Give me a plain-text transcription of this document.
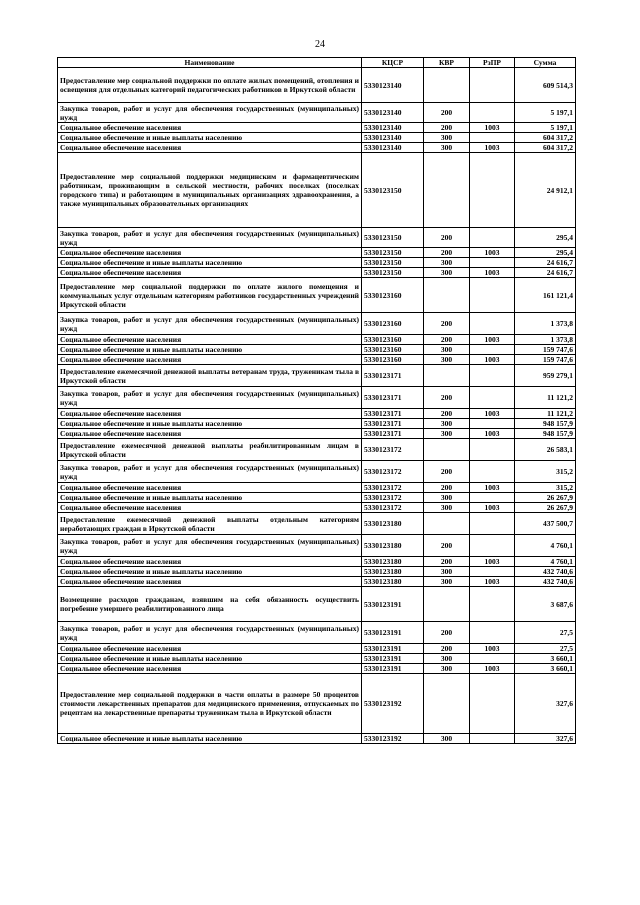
24
Наименование	КЦСР	КВР	РзПР	Сумма
Предоставление мер социальной поддержки по оплате жилых помещений, отопления и освещения для отдельных категорий педагогических работников в Иркутской области	5330123140			609 514,3
Закупка товаров, работ и услуг для обеспечения государственных (муниципальных) нужд	5330123140	200		5 197,1
Социальное обеспечение населения	5330123140	200	1003	5 197,1
Социальное обеспечение и иные выплаты населению	5330123140	300		604 317,2
Социальное обеспечение населения	5330123140	300	1003	604 317,2
Предоставление мер социальной поддержки медицинским и фармацевтическим работникам, проживающим в сельской местности, рабочих поселках (поселках городского типа) и работающим в муниципальных организациях здравоохранения, а также муниципальных образовательных организациях	5330123150			24 912,1
Закупка товаров, работ и услуг для обеспечения государственных (муниципальных) нужд	5330123150	200		295,4
Социальное обеспечение населения	5330123150	200	1003	295,4
Социальное обеспечение и иные выплаты населению	5330123150	300		24 616,7
Социальное обеспечение населения	5330123150	300	1003	24 616,7
Предоставление мер социальной поддержки по оплате жилого помещения и коммунальных услуг отдельным категориям работников государственных учреждений Иркутской области	5330123160			161 121,4
Закупка товаров, работ и услуг для обеспечения государственных (муниципальных) нужд	5330123160	200		1 373,8
Социальное обеспечение населения	5330123160	200	1003	1 373,8
Социальное обеспечение и иные выплаты населению	5330123160	300		159 747,6
Социальное обеспечение населения	5330123160	300	1003	159 747,6
Предоставление ежемесячной денежной выплаты ветеранам труда, труженикам тыла в Иркутской области	5330123171			959 279,1
Закупка товаров, работ и услуг для обеспечения государственных (муниципальных) нужд	5330123171	200		11 121,2
Социальное обеспечение населения	5330123171	200	1003	11 121,2
Социальное обеспечение и иные выплаты населению	5330123171	300		948 157,9
Социальное обеспечение населения	5330123171	300	1003	948 157,9
Предоставление ежемесячной денежной выплаты реабилитированным лицам в Иркутской области	5330123172			26 583,1
Закупка товаров, работ и услуг для обеспечения государственных (муниципальных) нужд	5330123172	200		315,2
Социальное обеспечение населения	5330123172	200	1003	315,2
Социальное обеспечение и иные выплаты населению	5330123172	300		26 267,9
Социальное обеспечение населения	5330123172	300	1003	26 267,9
Предоставление ежемесячной денежной выплаты отдельным категориям неработающих граждан в Иркутской области	5330123180			437 500,7
Закупка товаров, работ и услуг для обеспечения государственных (муниципальных) нужд	5330123180	200		4 760,1
Социальное обеспечение населения	5330123180	200	1003	4 760,1
Социальное обеспечение и иные выплаты населению	5330123180	300		432 740,6
Социальное обеспечение населения	5330123180	300	1003	432 740,6
Возмещение расходов гражданам, взявшим на себя обязанность осуществить погребение умершего реабилитированного лица	5330123191			3 687,6
Закупка товаров, работ и услуг для обеспечения государственных (муниципальных) нужд	5330123191	200		27,5
Социальное обеспечение населения	5330123191	200	1003	27,5
Социальное обеспечение и иные выплаты населению	5330123191	300		3 660,1
Социальное обеспечение населения	5330123191	300	1003	3 660,1
Предоставление мер социальной поддержки в части оплаты в размере 50 процентов стоимости лекарственных препаратов для медицинского применения, отпускаемых по рецептам на лекарственные препараты труженикам тыла в Иркутской области	5330123192			327,6
Социальное обеспечение и иные выплаты населению	5330123192	300		327,6
